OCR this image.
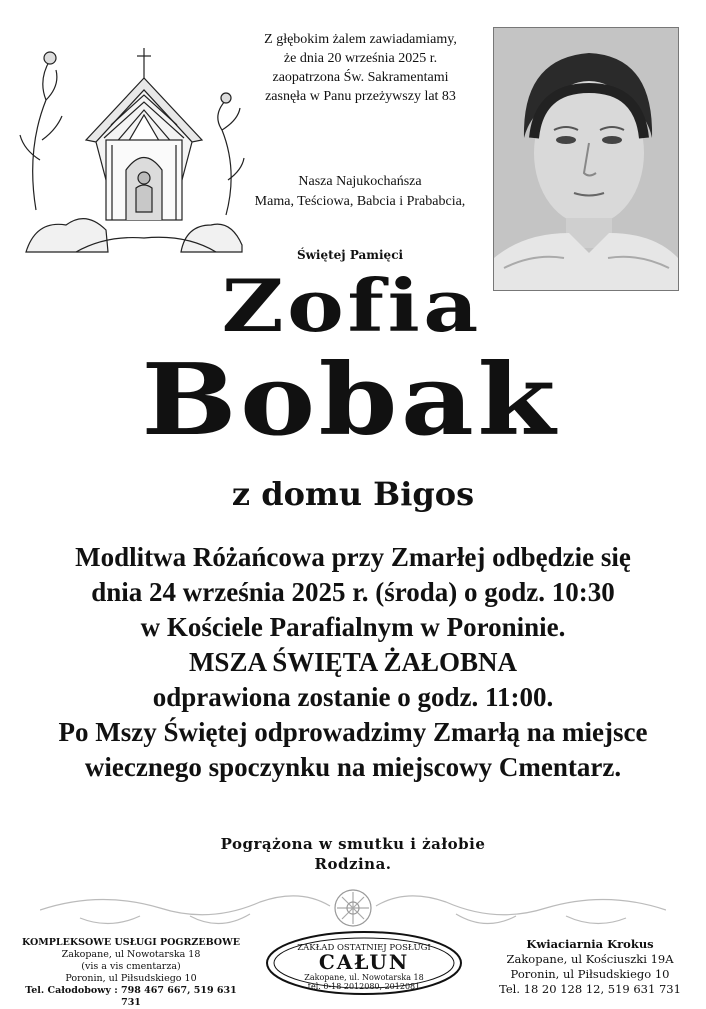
Z głębokim żalem zawiadamiamy,
że dnia 20 września 2025 r.
zaopatrzona Św. Sakramentami
zasnęła w Panu przeżywszy lat 83
Nasza Najukochańsza
Mama, Teściowa, Babcia i Prababcia,
Świętej Pamięci
Zofia
Bobak
z domu Bigos
Modlitwa Różańcowa przy Zmarłej odbędzie się
dnia 24 września 2025 r. (środa) o godz. 10:30
w Kościele Parafialnym w Poroninie.
MSZA ŚWIĘTA ŻAŁOBNA
odprawiona zostanie o godz. 11:00.
Po Mszy Świętej odprowadzimy Zmarłą na miejsce
wiecznego spoczynku na miejscowy Cmentarz.
Pogrążona w smutku i żałobie
Rodzina.
KOMPLEKSOWE USŁUGI POGRZEBOWE
Zakopane, ul Nowotarska 18
(vis a vis cmentarza)
Poronin, ul Piłsudskiego 10
Tel. Całodobowy : 798 467 667, 519 631 731
ZAKŁAD OSTATNIEJ POSŁUGI
CAŁUN
Zakopane, ul. Nowotarska 18
tel. 0-18 2012080, 2012081
Kwiaciarnia Krokus
Zakopane, ul Kościuszki 19A
Poronin, ul Piłsudskiego 10
Tel. 18 20 128 12, 519 631 731
